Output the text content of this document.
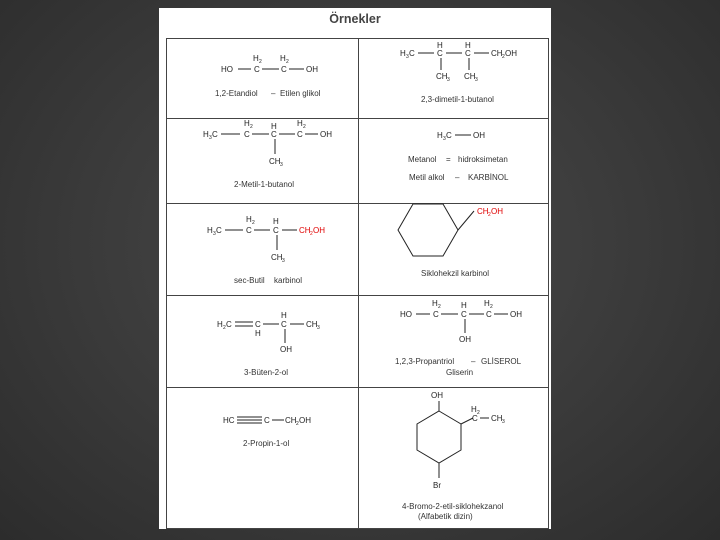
Örnekler
HO
H 2
C
H 2
C OH
1,2-Etandiol – Etilen glikol
H 3 C
H
C
H
C	CH 2 OH
CH 3 CH 3
2,3-dimetil-1-butanol
H 3 C
H 2
C
H
C
H 2
C OH
CH 3
2-Metil-1-butanol
H 3 C	OH
Metanol = hidroksimetan
Metil alkol – KARBİNOL
H 3 C
H 2
C
H
C	CH 2 OH
CH 3
sec-Butil karbinol
CH 2 OH
Siklohekzil karbinol
H 2 C	C
H
H
C CH 3
OH
3-Büten-2-ol
HO
H 2
C
H
C
H 2
C OH
OH
1,2,3-Propantriol – GLİSEROL
Gliserin
HC	C CH 2 OH
2-Propin-1-ol
OH
H 2
C CH 3
Br
4-Bromo-2-etil-siklohekzanol
(Alfabetik dizin)
